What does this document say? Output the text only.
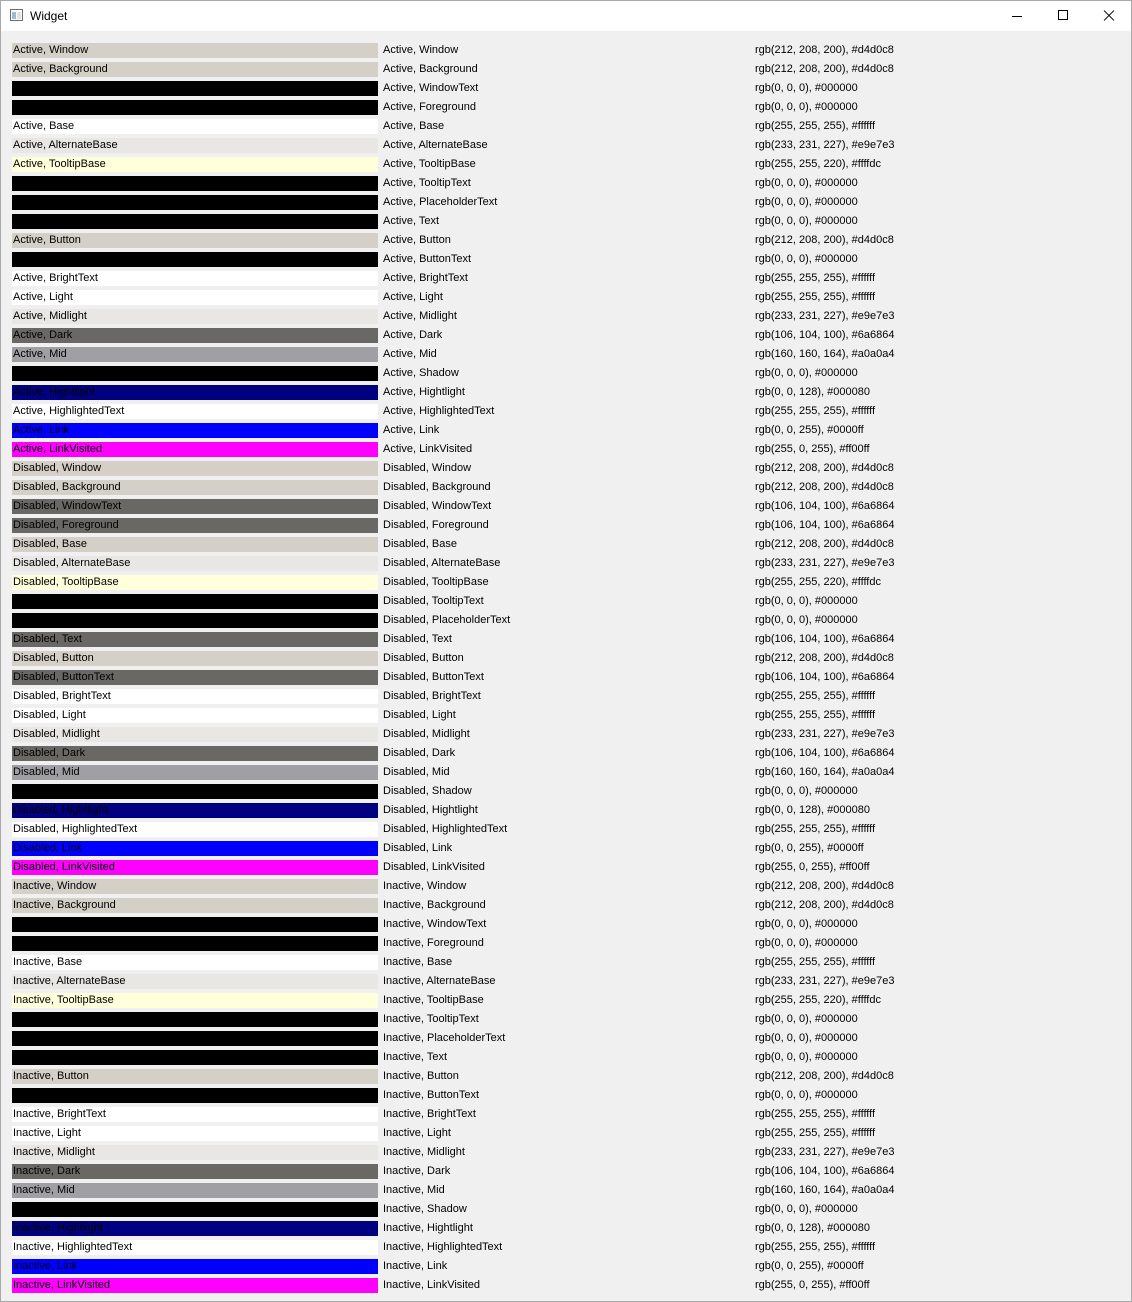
Widget
Active, Window	Active, Window	rgb(212, 208, 200), #d4d0c8
Active, Background	Active, Background	rgb(212, 208, 200), #d4d0c8
Active, WindowText	Active, WindowText	rgb(0, 0, 0), #000000
Active, Foreground	Active, Foreground	rgb(0, 0, 0), #000000
Active, Base	Active, Base	rgb(255, 255, 255), #ffffff
Active, AlternateBase	Active, AlternateBase	rgb(233, 231, 227), #e9e7e3
Active, TooltipBase	Active, TooltipBase	rgb(255, 255, 220), #ffffdc
Active, TooltipText	Active, TooltipText	rgb(0, 0, 0), #000000
Active, PlaceholderText	Active, PlaceholderText	rgb(0, 0, 0), #000000
Active, Text	Active, Text	rgb(0, 0, 0), #000000
Active, Button	Active, Button	rgb(212, 208, 200), #d4d0c8
Active, ButtonText	Active, ButtonText	rgb(0, 0, 0), #000000
Active, BrightText	Active, BrightText	rgb(255, 255, 255), #ffffff
Active, Light	Active, Light	rgb(255, 255, 255), #ffffff
Active, Midlight	Active, Midlight	rgb(233, 231, 227), #e9e7e3
Active, Dark	Active, Dark	rgb(106, 104, 100), #6a6864
Active, Mid	Active, Mid	rgb(160, 160, 164), #a0a0a4
Active, Shadow	Active, Shadow	rgb(0, 0, 0), #000000
Active, Hightlight	Active, Hightlight	rgb(0, 0, 128), #000080
Active, HighlightedText	Active, HighlightedText	rgb(255, 255, 255), #ffffff
Active, Link	Active, Link	rgb(0, 0, 255), #0000ff
Active, LinkVisited	Active, LinkVisited	rgb(255, 0, 255), #ff00ff
Disabled, Window	Disabled, Window	rgb(212, 208, 200), #d4d0c8
Disabled, Background	Disabled, Background	rgb(212, 208, 200), #d4d0c8
Disabled, WindowText	Disabled, WindowText	rgb(106, 104, 100), #6a6864
Disabled, Foreground	Disabled, Foreground	rgb(106, 104, 100), #6a6864
Disabled, Base	Disabled, Base	rgb(212, 208, 200), #d4d0c8
Disabled, AlternateBase	Disabled, AlternateBase	rgb(233, 231, 227), #e9e7e3
Disabled, TooltipBase	Disabled, TooltipBase	rgb(255, 255, 220), #ffffdc
Disabled, TooltipText	Disabled, TooltipText	rgb(0, 0, 0), #000000
Disabled, PlaceholderText	Disabled, PlaceholderText	rgb(0, 0, 0), #000000
Disabled, Text	Disabled, Text	rgb(106, 104, 100), #6a6864
Disabled, Button	Disabled, Button	rgb(212, 208, 200), #d4d0c8
Disabled, ButtonText	Disabled, ButtonText	rgb(106, 104, 100), #6a6864
Disabled, BrightText	Disabled, BrightText	rgb(255, 255, 255), #ffffff
Disabled, Light	Disabled, Light	rgb(255, 255, 255), #ffffff
Disabled, Midlight	Disabled, Midlight	rgb(233, 231, 227), #e9e7e3
Disabled, Dark	Disabled, Dark	rgb(106, 104, 100), #6a6864
Disabled, Mid	Disabled, Mid	rgb(160, 160, 164), #a0a0a4
Disabled, Shadow	Disabled, Shadow	rgb(0, 0, 0), #000000
Disabled, Hightlight	Disabled, Hightlight	rgb(0, 0, 128), #000080
Disabled, HighlightedText	Disabled, HighlightedText	rgb(255, 255, 255), #ffffff
Disabled, Link	Disabled, Link	rgb(0, 0, 255), #0000ff
Disabled, LinkVisited	Disabled, LinkVisited	rgb(255, 0, 255), #ff00ff
Inactive, Window	Inactive, Window	rgb(212, 208, 200), #d4d0c8
Inactive, Background	Inactive, Background	rgb(212, 208, 200), #d4d0c8
Inactive, WindowText	Inactive, WindowText	rgb(0, 0, 0), #000000
Inactive, Foreground	Inactive, Foreground	rgb(0, 0, 0), #000000
Inactive, Base	Inactive, Base	rgb(255, 255, 255), #ffffff
Inactive, AlternateBase	Inactive, AlternateBase	rgb(233, 231, 227), #e9e7e3
Inactive, TooltipBase	Inactive, TooltipBase	rgb(255, 255, 220), #ffffdc
Inactive, TooltipText	Inactive, TooltipText	rgb(0, 0, 0), #000000
Inactive, PlaceholderText	Inactive, PlaceholderText	rgb(0, 0, 0), #000000
Inactive, Text	Inactive, Text	rgb(0, 0, 0), #000000
Inactive, Button	Inactive, Button	rgb(212, 208, 200), #d4d0c8
Inactive, ButtonText	Inactive, ButtonText	rgb(0, 0, 0), #000000
Inactive, BrightText	Inactive, BrightText	rgb(255, 255, 255), #ffffff
Inactive, Light	Inactive, Light	rgb(255, 255, 255), #ffffff
Inactive, Midlight	Inactive, Midlight	rgb(233, 231, 227), #e9e7e3
Inactive, Dark	Inactive, Dark	rgb(106, 104, 100), #6a6864
Inactive, Mid	Inactive, Mid	rgb(160, 160, 164), #a0a0a4
Inactive, Shadow	Inactive, Shadow	rgb(0, 0, 0), #000000
Inactive, Hightlight	Inactive, Hightlight	rgb(0, 0, 128), #000080
Inactive, HighlightedText	Inactive, HighlightedText	rgb(255, 255, 255), #ffffff
Inactive, Link	Inactive, Link	rgb(0, 0, 255), #0000ff
Inactive, LinkVisited	Inactive, LinkVisited	rgb(255, 0, 255), #ff00ff
